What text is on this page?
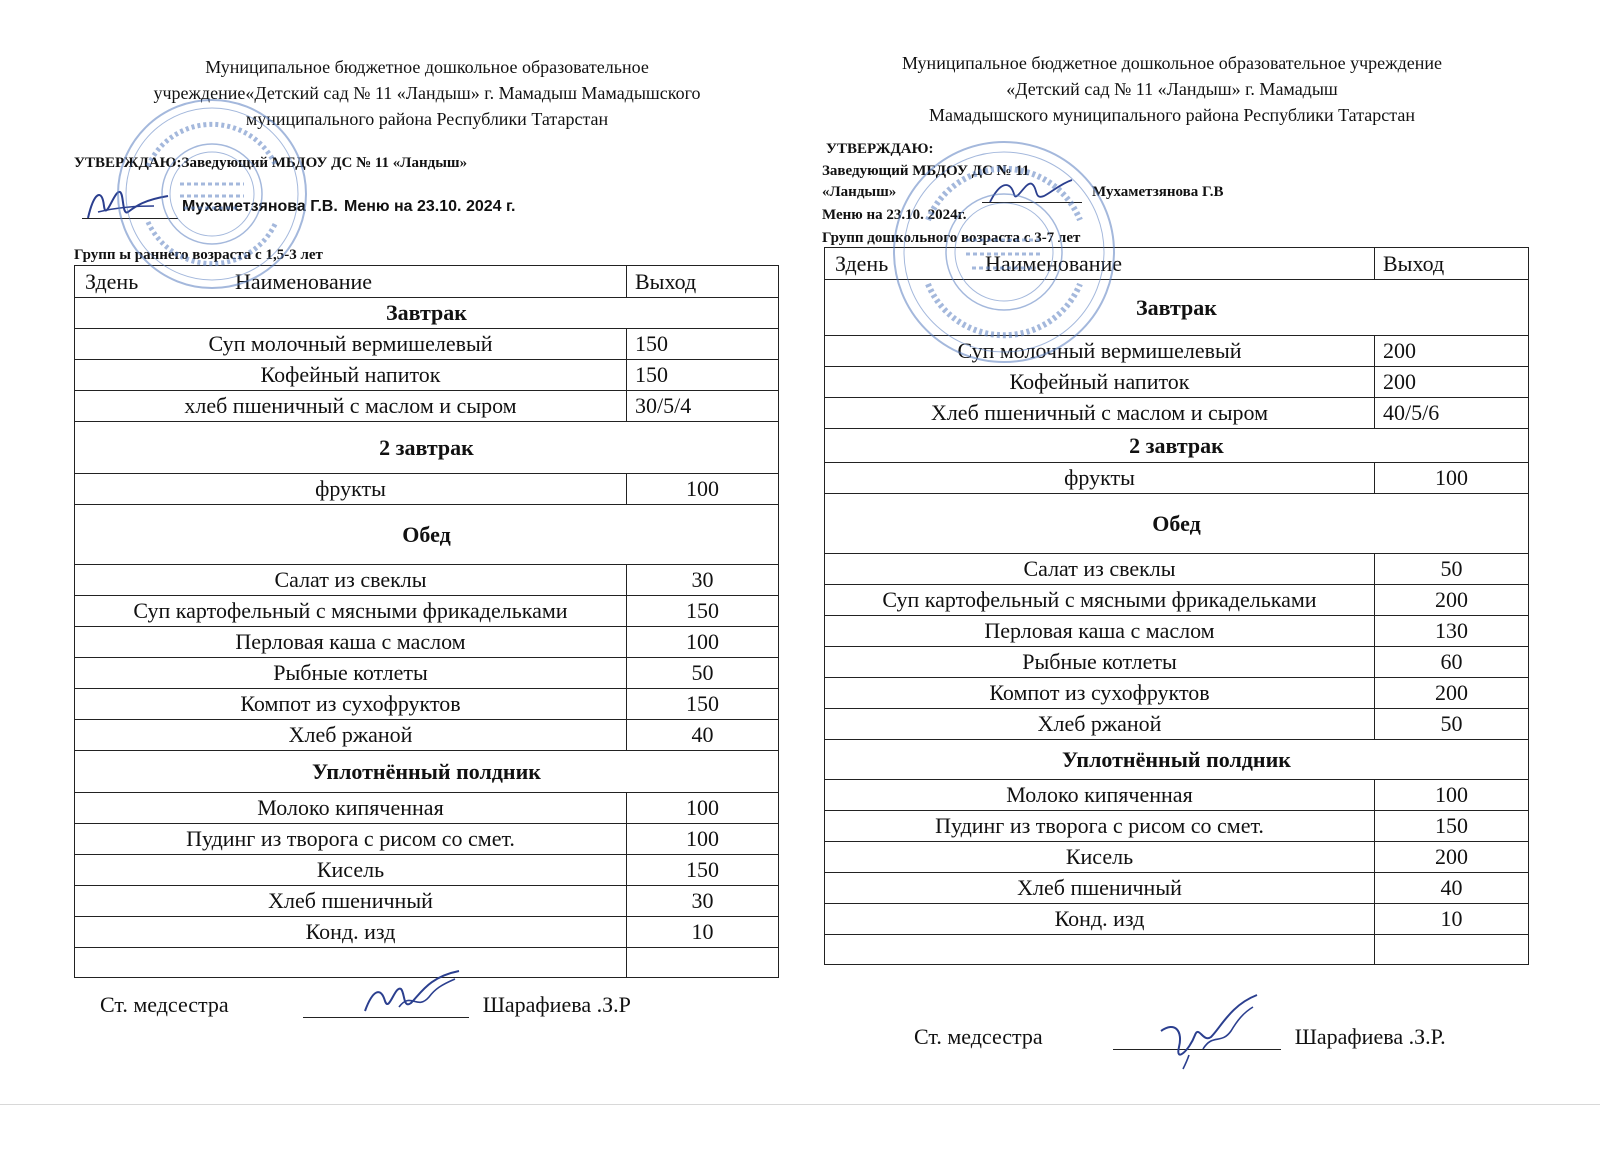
Муниципальное бюджетное дошкольное образовательное
учреждение«Детский сад № 11 «Ландыш» г. Мамадыш Мамадышского
муниципального района Республики Татарстан
УТВЕРЖДАЮ:Заведующий МБДОУ ДС № 11 «Ландыш»
Мухаметзянова Г.В. Меню на 23.10. 2024 г.
Групп ы раннего возраста с 1,5-3 лет
Здень Наименование	Выход
Завтрак	
Суп молочный вермишелевый	150
Кофейный напиток	150
хлеб пшеничный с маслом и сыром	30/5/4
2 завтрак	
фрукты	100
Обед	
Салат из свеклы	30
Суп картофельный с мясными фрикадельками	150
Перловая каша с маслом	100
Рыбные котлеты	50
Компот из сухофруктов	150
Хлеб ржаной	40
Уплотнённый полдник	
Молоко кипяченная	100
Пудинг из творога с рисом со смет.	100
Кисель	150
Хлеб пшеничный	30
Конд. изд	10

Ст. медсестра	Шарафиева .З.Р
Муниципальное бюджетное дошкольное образовательное учреждение
«Детский сад № 11 «Ландыш» г. Мамадыш
Мамадышского муниципального района Республики Татарстан
УТВЕРЖДАЮ:
Заведующий МБДОУ ДС № 11
«Ландыш»	Мухаметзянова Г.В
Меню на 23.10. 2024г.
Групп дошкольного возраста с 3-7 лет
Здень Наименование	Выход
Завтрак	
Суп молочный вермишелевый	200
Кофейный напиток	200
Хлеб пшеничный с маслом и сыром	40/5/6
2 завтрак	
фрукты	100
Обед	
Салат из свеклы	50
Суп картофельный с мясными фрикадельками	200
Перловая каша с маслом	130
Рыбные котлеты	60
Компот из сухофруктов	200
Хлеб ржаной	50
Уплотнённый полдник	
Молоко кипяченная	100
Пудинг из творога с рисом со смет.	150
Кисель	200
Хлеб пшеничный	40
Конд. изд	10

Ст. медсестра	Шарафиева .З.Р.
